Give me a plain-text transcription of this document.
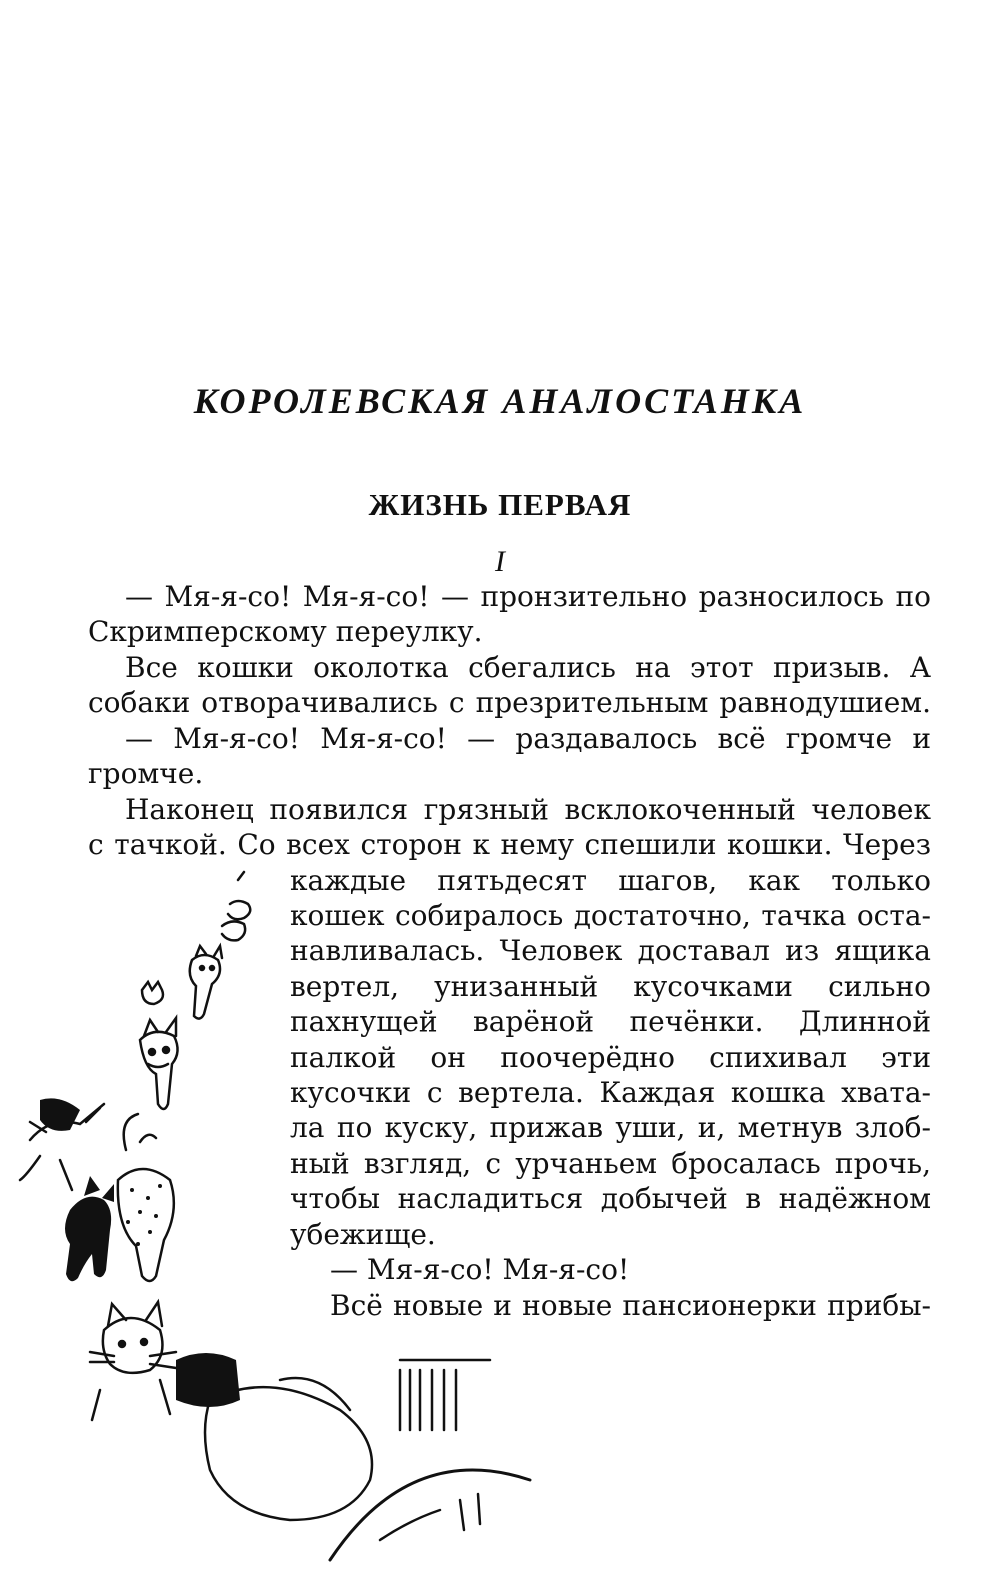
КОРОЛЕВСКАЯ АНАЛОСТАНКА
ЖИЗНЬ ПЕРВАЯ
I
— Мя-я-со! Мя-я-со! — пронзительно разносилось по
Скримперскому переулку.
Все кошки околотка сбегались на этот призыв. А
собаки отворачивались с презрительным равнодушием.
— Мя-я-со! Мя-я-со! — раздавалось всё громче и
громче.
Наконец появился грязный всклокоченный человек
с тачкой. Со всех сторон к нему спешили кошки. Через
каждые пятьдесят шагов, как только
кошек собиралось достаточно, тачка оста-
навливалась. Человек доставал из ящика
вертел, унизанный кусочками сильно
пахнущей варёной печёнки. Длинной
палкой он поочерёдно спихивал эти
кусочки с вертела. Каждая кошка хвата-
ла по куску, прижав уши, и, метнув злоб-
ный взгляд, с урчаньем бросалась прочь,
чтобы насладиться добычей в надёжном
убежище.
— Мя-я-со! Мя-я-со!
Всё новые и новые пансионерки прибы-
